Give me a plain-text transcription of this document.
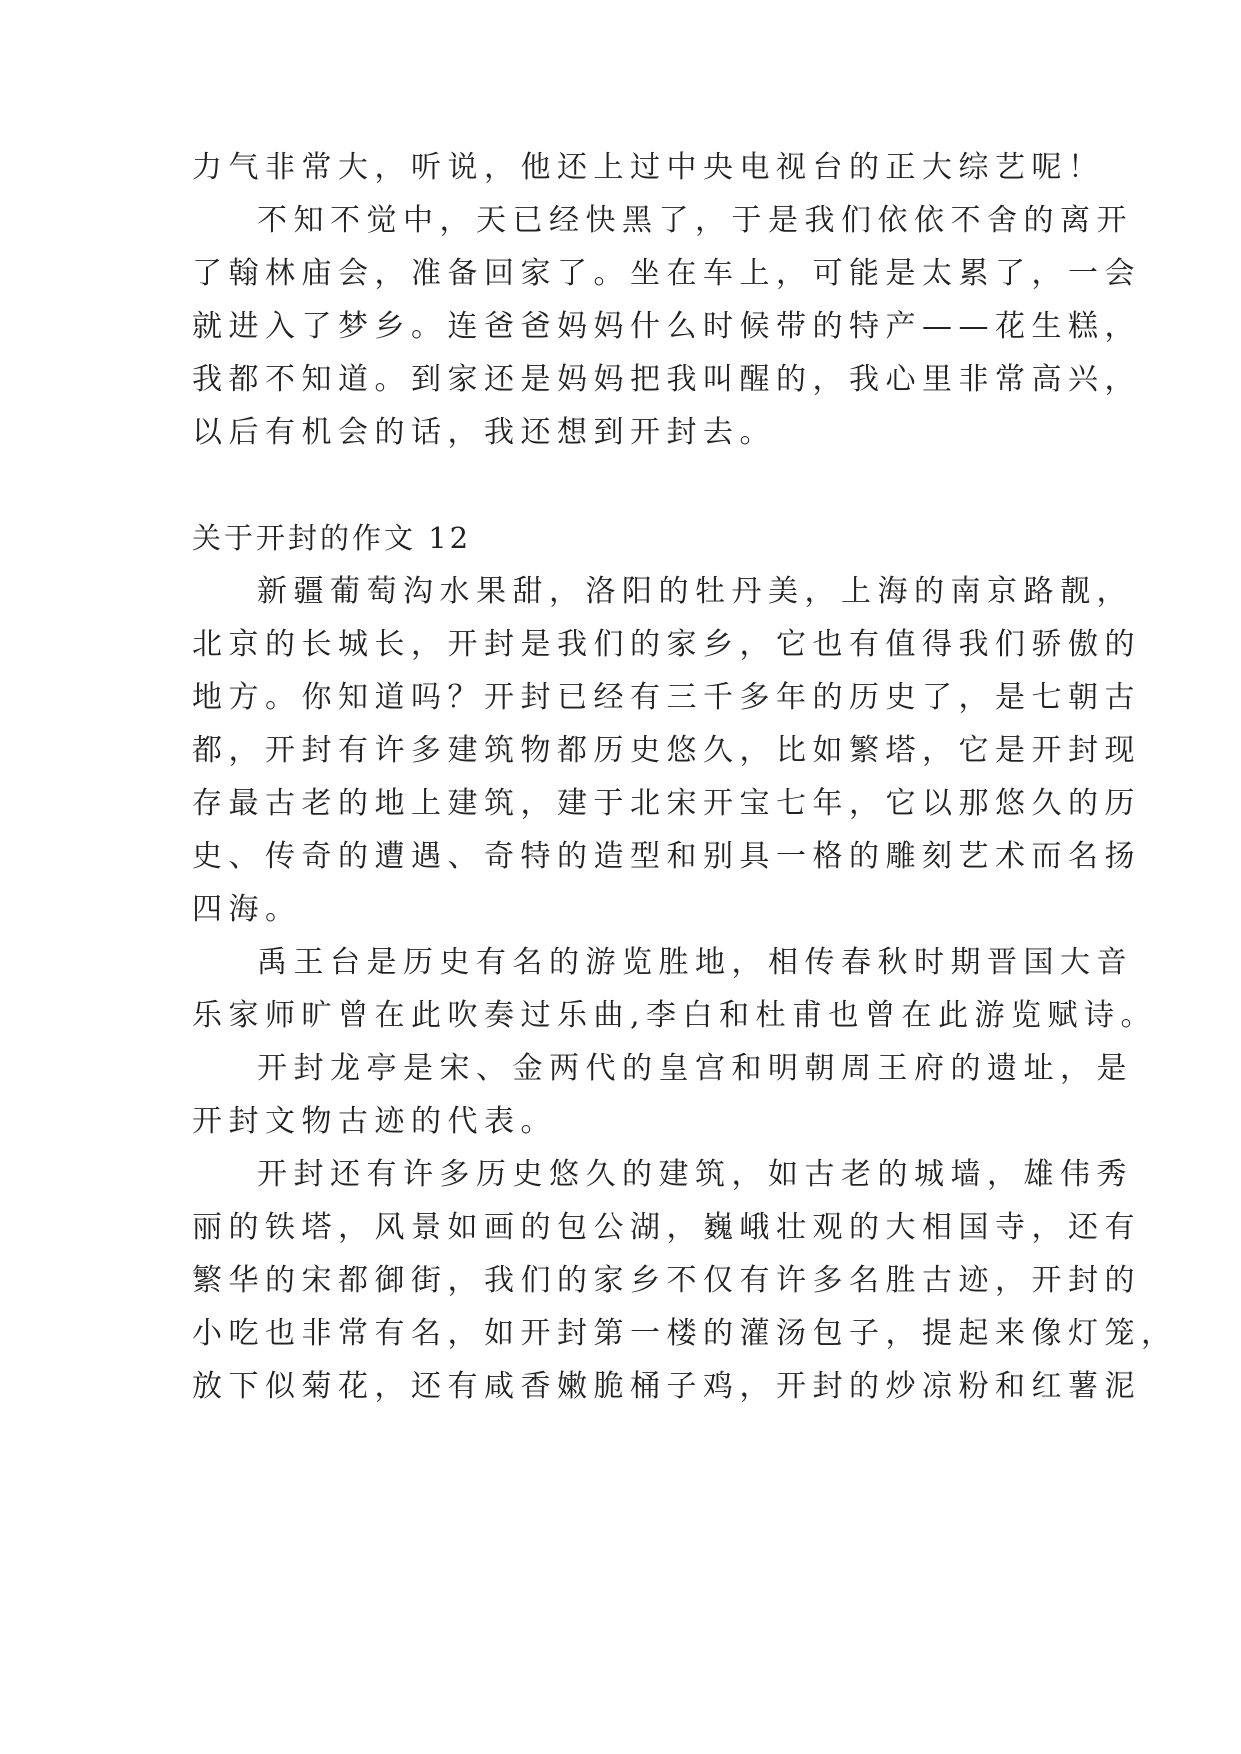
力气非常大，听说，他还上过中央电视台的正大综艺呢！
不知不觉中，天已经快黑了，于是我们依依不舍的离开
了翰林庙会，准备回家了。坐在车上，可能是太累了，一会
就进入了梦乡。连爸爸妈妈什么时候带的特产——花生糕，
我都不知道。到家还是妈妈把我叫醒的，我心里非常高兴，
以后有机会的话，我还想到开封去。
关于开封的作文 12
新疆葡萄沟水果甜，洛阳的牡丹美，上海的南京路靓，
北京的长城长，开封是我们的家乡，它也有值得我们骄傲的
地方。你知道吗？开封已经有三千多年的历史了，是七朝古
都，开封有许多建筑物都历史悠久，比如繁塔，它是开封现
存最古老的地上建筑，建于北宋开宝七年，它以那悠久的历
史、传奇的遭遇、奇特的造型和别具一格的雕刻艺术而名扬
四海。
禹王台是历史有名的游览胜地，相传春秋时期晋国大音
乐家师旷曾在此吹奏过乐曲,李白和杜甫也曾在此游览赋诗。
开封龙亭是宋、金两代的皇宫和明朝周王府的遗址，是
开封文物古迹的代表。
开封还有许多历史悠久的建筑，如古老的城墙，雄伟秀
丽的铁塔，风景如画的包公湖，巍峨壮观的大相国寺，还有
繁华的宋都御街，我们的家乡不仅有许多名胜古迹，开封的
小吃也非常有名，如开封第一楼的灌汤包子，提起来像灯笼，
放下似菊花，还有咸香嫩脆桶子鸡，开封的炒凉粉和红薯泥
